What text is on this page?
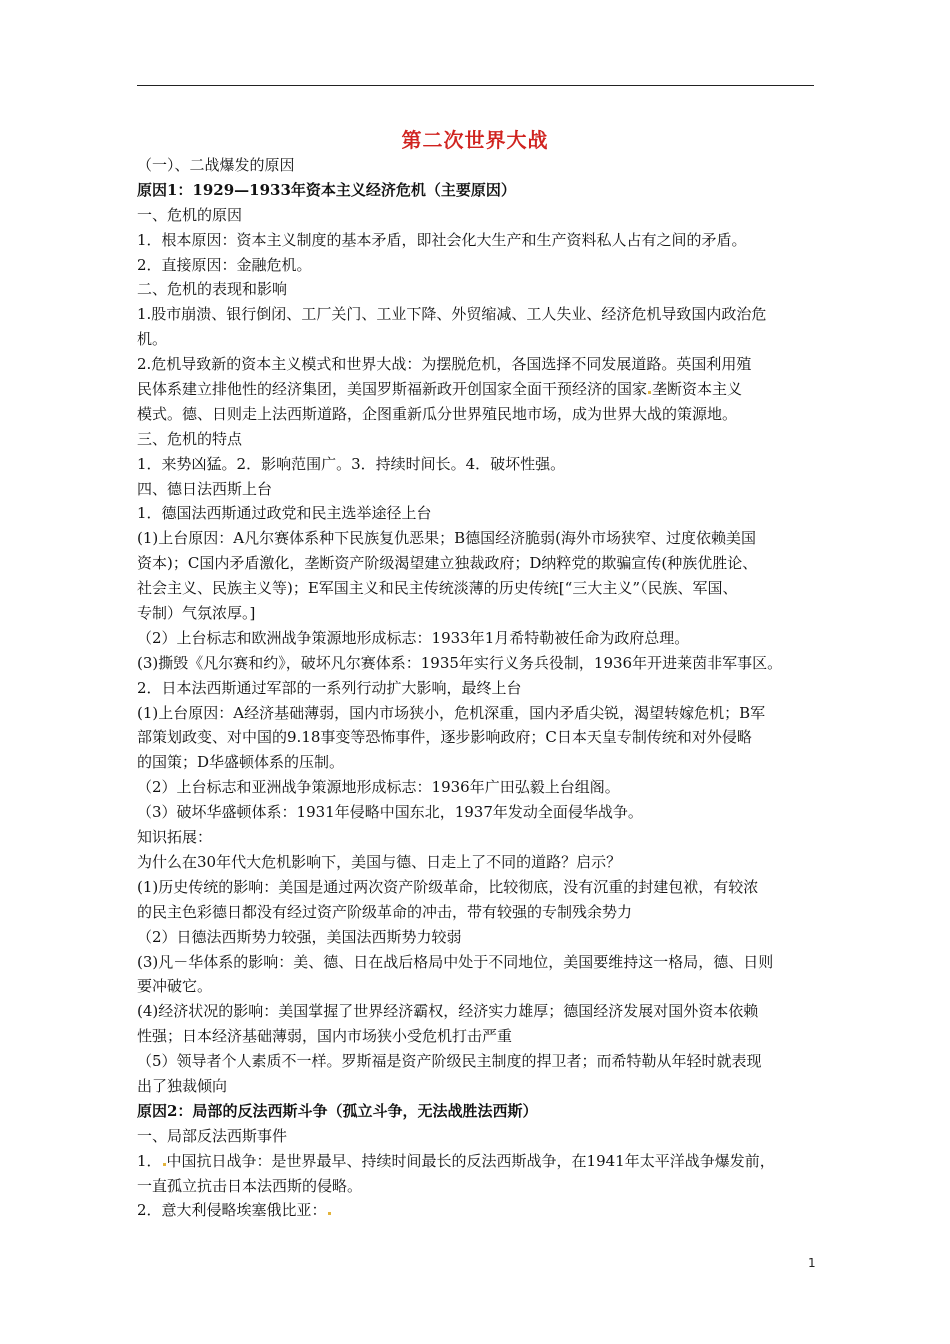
第二次世界大战
（一）、二战爆发的原因
原因1：1929—1933年资本主义经济危机（主要原因）
一、危机的原因
1．根本原因：资本主义制度的基本矛盾，即社会化大生产和生产资料私人占有之间的矛盾。
2．直接原因：金融危机。
二、危机的表现和影响
1.股市崩溃、银行倒闭、工厂关门、工业下降、外贸缩减、工人失业、经济危机导致国内政治危
机。
2.危机导致新的资本主义模式和世界大战：为摆脱危机，各国选择不同发展道路。英国利用殖
民体系建立排他性的经济集团，美国罗斯福新政开创国家全面干预经济的国家 垄断资本主义
模式。德、日则走上法西斯道路，企图重新瓜分世界殖民地市场，成为世界大战的策源地。
三、危机的特点
1．来势凶猛。2．影响范围广。3．持续时间长。4．破坏性强。
四、德日法西斯上台
1．德国法西斯通过政党和民主选举途径上台
(1)上台原因：A凡尔赛体系种下民族复仇恶果；B德国经济脆弱(海外市场狭窄、过度依赖美国
资本)；C国内矛盾激化，垄断资产阶级渴望建立独裁政府；D纳粹党的欺骗宣传(种族优胜论、
社会主义、民族主义等)；E军国主义和民主传统淡薄的历史传统[“三大主义”（民族、军国、
专制）气氛浓厚。]
（2）上台标志和欧洲战争策源地形成标志：1933年1月希特勒被任命为政府总理。
(3)撕毁《凡尔赛和约》，破坏凡尔赛体系：1935年实行义务兵役制，1936年开进莱茵非军事区。
2．日本法西斯通过军部的一系列行动扩大影响，最终上台
(1)上台原因：A经济基础薄弱，国内市场狭小，危机深重，国内矛盾尖锐，渴望转嫁危机；B军
部策划政变、对中国的9.18事变等恐怖事件，逐步影响政府；C日本天皇专制传统和对外侵略
的国策；D华盛顿体系的压制。
（2）上台标志和亚洲战争策源地形成标志：1936年广田弘毅上台组阁。
（3）破坏华盛顿体系：1931年侵略中国东北，1937年发动全面侵华战争。
知识拓展：
为什么在30年代大危机影响下，美国与德、日走上了不同的道路？启示？
(1)历史传统的影响：美国是通过两次资产阶级革命，比较彻底，没有沉重的封建包袱，有较浓
的民主色彩德日都没有经过资产阶级革命的冲击，带有较强的专制残余势力
（2）日德法西斯势力较强，美国法西斯势力较弱
(3)凡－华体系的影响：美、德、日在战后格局中处于不同地位，美国要维持这一格局，德、日则
要冲破它。
(4)经济状况的影响：美国掌握了世界经济霸权，经济实力雄厚；德国经济发展对国外资本依赖
性强；日本经济基础薄弱，国内市场狭小受危机打击严重
（5）领导者个人素质不一样。罗斯福是资产阶级民主制度的捍卫者；而希特勒从年轻时就表现
出了独裁倾向
原因2：局部的反法西斯斗争（孤立斗争，无法战胜法西斯）
一、局部反法西斯事件
1． 中国抗日战争：是世界最早、持续时间最长的反法西斯战争，在1941年太平洋战争爆发前，
一直孤立抗击日本法西斯的侵略。
2．意大利侵略埃塞俄比亚：
1
